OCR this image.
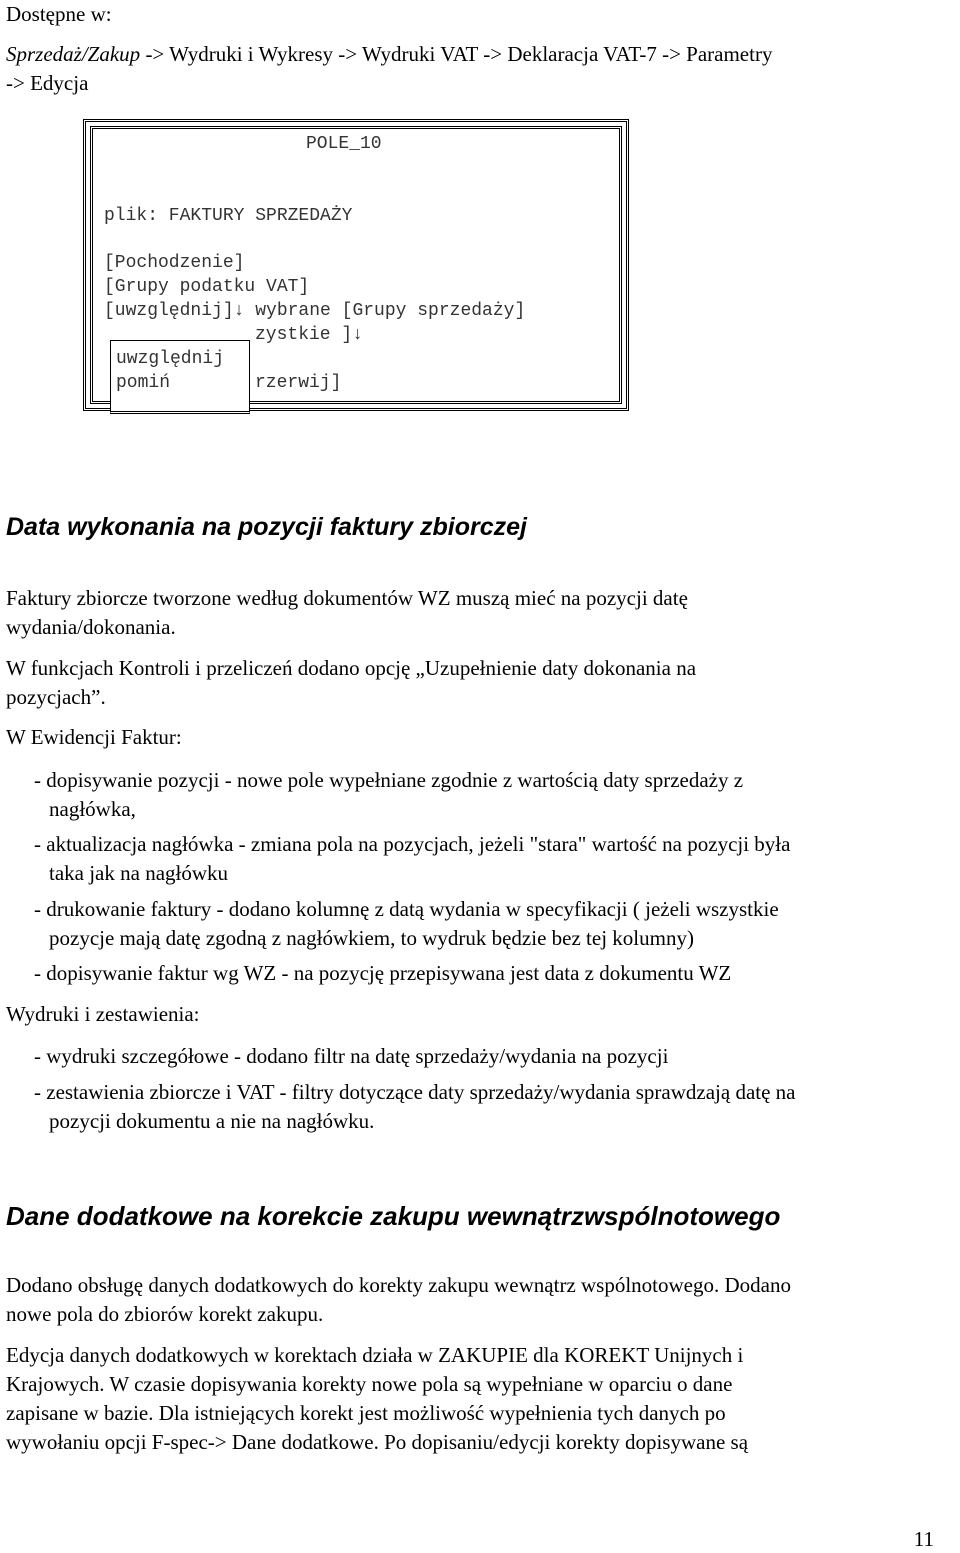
Dostępne w:
Sprzedaż/Zakup -> Wydruki i Wykresy -> Wydruki VAT -> Deklaracja VAT-7 -> Parametry
-> Edycja
POLE_10
plik: FAKTURY SPRZEDAŻY
[Pochodzenie]
[Grupy podatku VAT]
[uwzględnij]↓ wybrane [Grupy sprzedaży]
zystkie ]↓
rzerwij]
uwzględnij
pomiń
Data wykonania na pozycji faktury zbiorczej
Faktury zbiorcze tworzone według dokumentów WZ muszą mieć na pozycji datę
wydania/dokonania.
W funkcjach Kontroli i przeliczeń dodano opcję „Uzupełnienie daty dokonania na
pozycjach”.
W Ewidencji Faktur:
- dopisywanie pozycji - nowe pole wypełniane zgodnie z wartością daty sprzedaży z
nagłówka,
- aktualizacja nagłówka - zmiana pola na pozycjach, jeżeli "stara" wartość na pozycji była
taka jak na nagłówku
- drukowanie faktury - dodano kolumnę z datą wydania w specyfikacji ( jeżeli wszystkie
pozycje mają datę zgodną z nagłówkiem, to wydruk będzie bez tej kolumny)
- dopisywanie faktur wg WZ - na pozycję przepisywana jest data z dokumentu WZ
Wydruki i zestawienia:
- wydruki szczegółowe - dodano filtr na datę sprzedaży/wydania na pozycji
- zestawienia zbiorcze i VAT - filtry dotyczące daty sprzedaży/wydania sprawdzają datę na
pozycji dokumentu a nie na nagłówku.
Dane dodatkowe na korekcie zakupu wewnątrzwspólnotowego
Dodano obsługę danych dodatkowych do korekty zakupu wewnątrz wspólnotowego. Dodano
nowe pola do zbiorów korekt zakupu.
Edycja danych dodatkowych w korektach działa w ZAKUPIE dla KOREKT Unijnych i
Krajowych. W czasie dopisywania korekty nowe pola są wypełniane w oparciu o dane
zapisane w bazie. Dla istniejących korekt jest możliwość wypełnienia tych danych po
wywołaniu opcji F-spec-> Dane dodatkowe. Po dopisaniu/edycji korekty dopisywane są
11
